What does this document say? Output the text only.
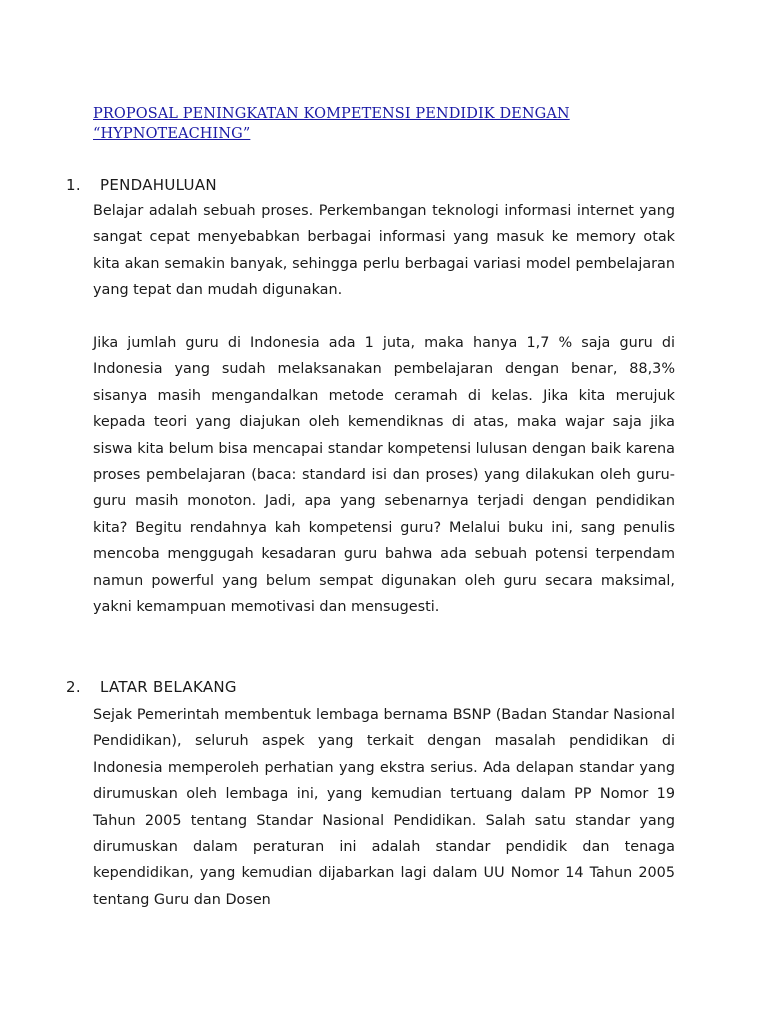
PROPOSAL PENINGKATAN KOMPETENSI PENDIDIK DENGAN
“HYPNOTEACHING”
1. PENDAHULUAN
Belajar adalah sebuah proses. Perkembangan teknologi informasi internet yang sangat cepat menyebabkan berbagai informasi yang masuk ke memory otak kita akan semakin banyak, sehingga perlu berbagai variasi model pembelajaran yang tepat dan mudah digunakan.
Jika jumlah guru di Indonesia ada 1 juta, maka hanya 1,7 % saja guru di Indonesia yang sudah melaksanakan pembelajaran dengan benar, 88,3% sisanya masih mengandalkan metode ceramah di kelas. Jika kita merujuk kepada teori yang diajukan oleh kemendiknas di atas, maka wajar saja jika siswa kita belum bisa mencapai standar kompetensi lulusan dengan baik karena proses pembelajaran (baca: standard isi dan proses) yang dilakukan oleh guru-guru masih monoton. Jadi, apa yang sebenarnya terjadi dengan pendidikan kita? Begitu rendahnya kah kompetensi guru? Melalui buku ini, sang penulis mencoba menggugah kesadaran guru bahwa ada sebuah potensi terpendam namun powerful yang belum sempat digunakan oleh guru secara maksimal, yakni kemampuan memotivasi dan mensugesti.
2. LATAR BELAKANG
Sejak Pemerintah membentuk lembaga bernama BSNP (Badan Standar Nasional Pendidikan), seluruh aspek yang terkait dengan masalah pendidikan di Indonesia memperoleh perhatian yang ekstra serius. Ada delapan standar yang dirumuskan oleh lembaga ini, yang kemudian tertuang dalam PP Nomor 19 Tahun 2005 tentang Standar Nasional Pendidikan. Salah satu standar yang dirumuskan dalam peraturan ini adalah standar pendidik dan tenaga kependidikan, yang kemudian dijabarkan lagi dalam UU Nomor 14 Tahun 2005 tentang Guru dan Dosen
